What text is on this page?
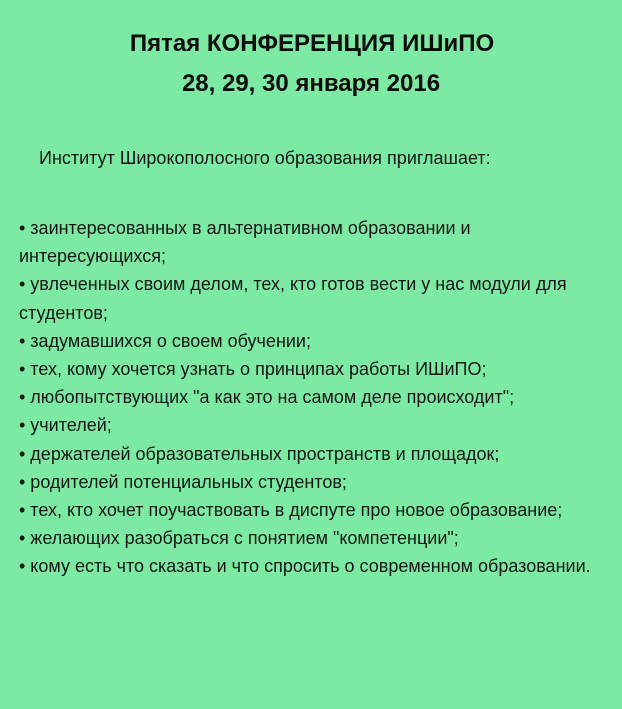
Пятая КОНФЕРЕНЦИЯ ИШиПО
28, 29, 30 января 2016
Институт Широкополосного образования приглашает:
• заинтересованных в альтернативном образовании и интересующихся;
• увлеченных своим делом, тех, кто готов вести у нас модули для студентов;
• задумавшихся о своем обучении;
• тех, кому хочется узнать о принципах работы ИШиПО;
• любопытствующих "а как это на самом деле происходит";
• учителей;
• держателей образовательных пространств и площадок;
• родителей потенциальных студентов;
• тех, кто хочет поучаствовать в диспуте про новое образование;
• желающих разобраться с понятием "компетенции";
• кому есть что сказать и что спросить о современном образовании.
